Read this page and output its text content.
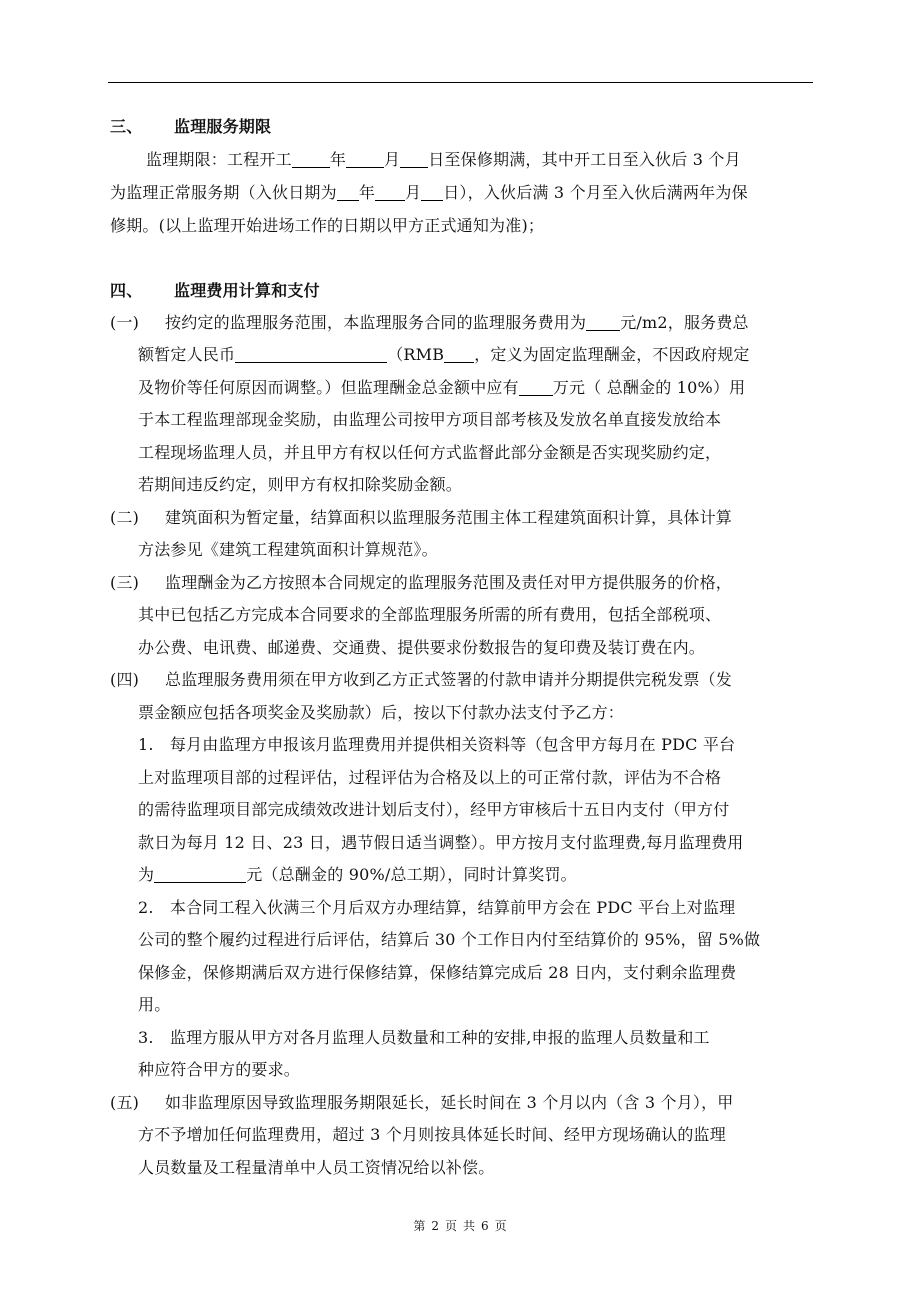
三、 监理服务期限
监理期限：工程开工 年 月 日至保修期满，其中开工日至入伙后 3 个月
为监理正常服务期（入伙日期为 年 月 日），入伙后满 3 个月至入伙后满两年为保
修期。(以上监理开始进场工作的日期以甲方正式通知为准)；
四、 监理费用计算和支付
(一) 按约定的监理服务范围，本监理服务合同的监理服务费用为 元/m2，服务费总
额暂定人民币	（RMB ，定义为固定监理酬金，不因政府规定
及物价等任何原因而调整。）但监理酬金总金额中应有 万元（ 总酬金的 10%）用
于本工程监理部现金奖励，由监理公司按甲方项目部考核及发放名单直接发放给本
工程现场监理人员，并且甲方有权以任何方式监督此部分金额是否实现奖励约定，
若期间违反约定，则甲方有权扣除奖励金额。
(二) 建筑面积为暂定量，结算面积以监理服务范围主体工程建筑面积计算，具体计算
方法参见《建筑工程建筑面积计算规范》。
(三) 监理酬金为乙方按照本合同规定的监理服务范围及责任对甲方提供服务的价格，
其中已包括乙方完成本合同要求的全部监理服务所需的所有费用，包括全部税项、
办公费、电讯费、邮递费、交通费、提供要求份数报告的复印费及装订费在内。
(四) 总监理服务费用须在甲方收到乙方正式签署的付款申请并分期提供完税发票（发
票金额应包括各项奖金及奖励款）后，按以下付款办法支付予乙方：
1.　每月由监理方申报该月监理费用并提供相关资料等（包含甲方每月在 PDC 平台
上对监理项目部的过程评估，过程评估为合格及以上的可正常付款，评估为不合格
的需待监理项目部完成绩效改进计划后支付），经甲方审核后十五日内支付（甲方付
款日为每月 12 日、23 日，遇节假日适当调整）。甲方按月支付监理费,每月监理费用
为	元（总酬金的 90%/总工期），同时计算奖罚。
2.　本合同工程入伙满三个月后双方办理结算，结算前甲方会在 PDC 平台上对监理
公司的整个履约过程进行后评估，结算后 30 个工作日内付至结算价的 95%，留 5%做
保修金，保修期满后双方进行保修结算，保修结算完成后 28 日内，支付剩余监理费
用。
3.　监理方服从甲方对各月监理人员数量和工种的安排,申报的监理人员数量和工
种应符合甲方的要求。
(五) 如非监理原因导致监理服务期限延长，延长时间在 3 个月以内（含 3 个月），甲
方不予增加任何监理费用，超过 3 个月则按具体延长时间、经甲方现场确认的监理
人员数量及工程量清单中人员工资情况给以补偿。
第 2 页 共 6 页
